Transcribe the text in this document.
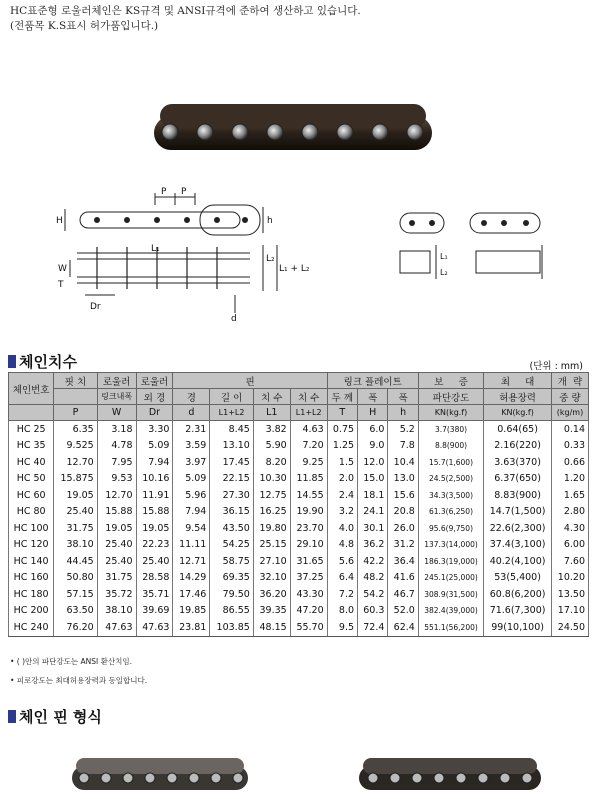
HC표준형 로울러체인은 KS규격 및 ANSI규격에 준하여 생산하고 있습니다.
(전품목 K.S표시 허가품입니다.)
H
P P
h
L₁
L₂
L₁ + L₂
W
T
Dr
d
L₁
L₂
체인치수	(단위 : mm)
체인번호	핏 치	로울러	로울러	핀				링크 플레이트			보 증	최 대	개 략
		링크내폭	외 경	경	길 이	치 수	치 수	두 께	폭	폭	파단강도	허용장력	중 량
	P	W	Dr	d	L1+L2	L1	L1+L2	T	H	h	KN(kg.f)	KN(kg.f)	(kg/m)
HC 25	6.35	3.18	3.30	2.31	8.45	3.82	4.63	0.75	6.0	5.2	3.7(380)	0.64(65)	0.14
HC 35	9.525	4.78	5.09	3.59	13.10	5.90	7.20	1.25	9.0	7.8	8.8(900)	2.16(220)	0.33
HC 40	12.70	7.95	7.94	3.97	17.45	8.20	9.25	1.5	12.0	10.4	15.7(1,600)	3.63(370)	0.66
HC 50	15.875	9.53	10.16	5.09	22.15	10.30	11.85	2.0	15.0	13.0	24.5(2,500)	6.37(650)	1.20
HC 60	19.05	12.70	11.91	5.96	27.30	12.75	14.55	2.4	18.1	15.6	34.3(3,500)	8.83(900)	1.65
HC 80	25.40	15.88	15.88	7.94	36.15	16.25	19.90	3.2	24.1	20.8	61.3(6,250)	14.7(1,500)	2.80
HC 100	31.75	19.05	19.05	9.54	43.50	19.80	23.70	4.0	30.1	26.0	95.6(9,750)	22.6(2,300)	4.30
HC 120	38.10	25.40	22.23	11.11	54.25	25.15	29.10	4.8	36.2	31.2	137.3(14,000)	37.4(3,100)	6.00
HC 140	44.45	25.40	25.40	12.71	58.75	27.10	31.65	5.6	42.2	36.4	186.3(19,000)	40.2(4,100)	7.60
HC 160	50.80	31.75	28.58	14.29	69.35	32.10	37.25	6.4	48.2	41.6	245.1(25,000)	53(5,400)	10.20
HC 180	57.15	35.72	35.71	17.46	79.50	36.20	43.30	7.2	54.2	46.7	308.9(31,500)	60.8(6,200)	13.50
HC 200	63.50	38.10	39.69	19.85	86.55	39.35	47.20	8.0	60.3	52.0	382.4(39,000)	71.6(7,300)	17.10
HC 240	76.20	47.63	47.63	23.81	103.85	48.15	55.70	9.5	72.4	62.4	551.1(56,200)	99(10,100)	24.50
• ( )안의 파단강도는 ANSI 환산치임.
• 피로강도는 최대허용장력과 동일합니다.
체인 핀 형식
